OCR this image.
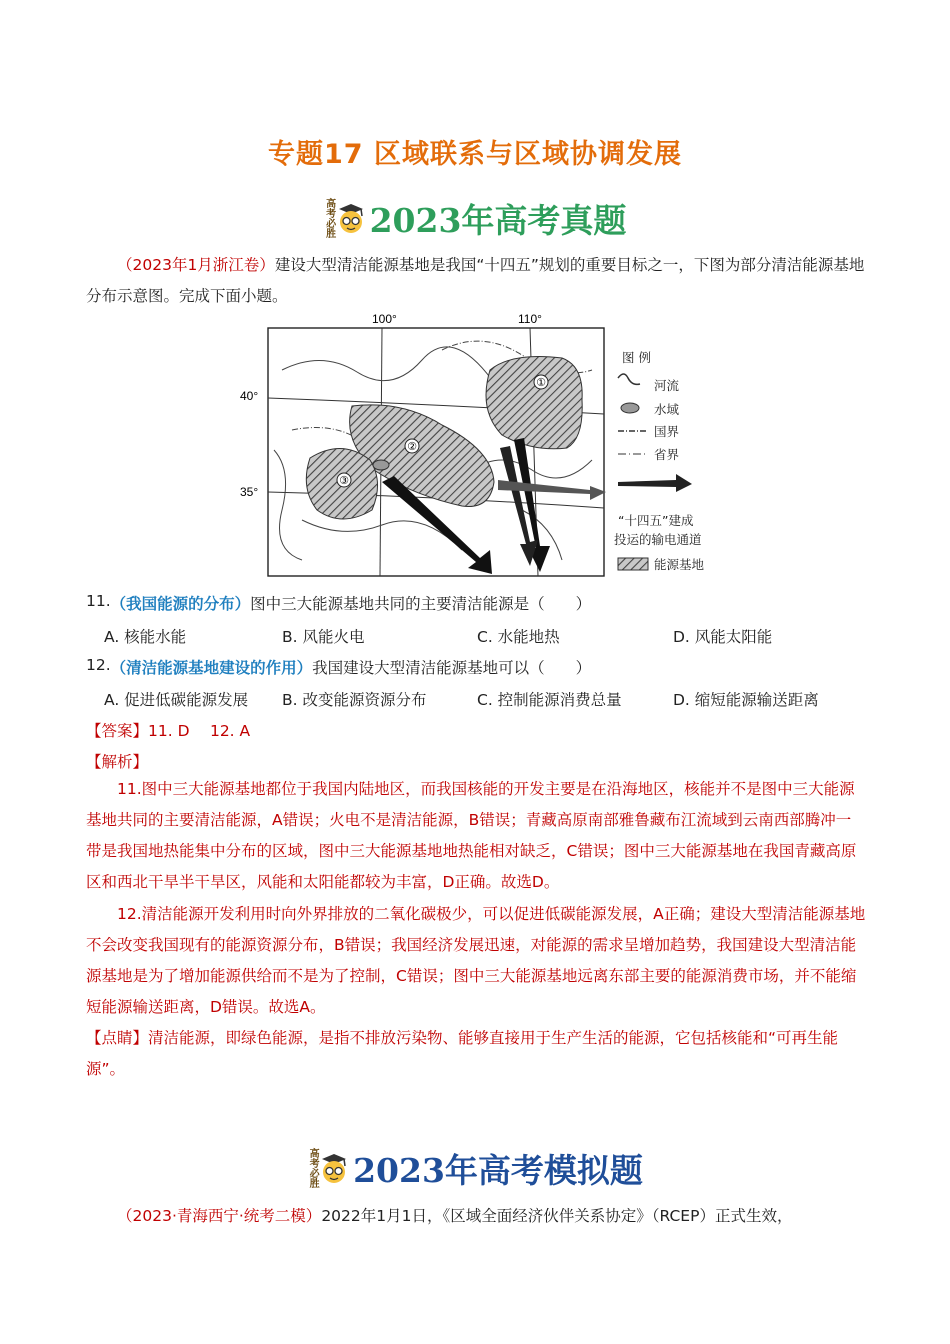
专题17 区域联系与区域协调发展
高考必胜 2023年高考真题
（2023年1月浙江卷）建设大型清洁能源基地是我国“十四五”规划的重要目标之一，下图为部分清洁能源基地分布示意图。完成下面小题。
100°	110°
40°
35°
①
②
③
图 例
河流
水域
国界
省界
“十四五”建成
投运的输电通道
能源基地
11. （我国能源的分布） 图中三大能源基地共同的主要清洁能源是（　　）
A. 核能水能	B. 风能火电	C. 水能地热	D. 风能太阳能
12. （清洁能源基地建设的作用） 我国建设大型清洁能源基地可以（　　）
A. 促进低碳能源发展	B. 改变能源资源分布	C. 控制能源消费总量	D. 缩短能源输送距离
【答案】 11. D　 12. A
【解析】
11.图中三大能源基地都位于我国内陆地区，而我国核能的开发主要是在沿海地区，核能并不是图中三大能源基地共同的主要清洁能源，A错误；火电不是清洁能源，B错误；青藏高原南部雅鲁藏布江流域到云南西部腾冲一带是我国地热能集中分布的区域，图中三大能源基地地热能相对缺乏，C错误；图中三大能源基地在我国青藏高原区和西北干旱半干旱区，风能和太阳能都较为丰富，D正确。故选D。
12.清洁能源开发利用时向外界排放的二氧化碳极少，可以促进低碳能源发展，A正确；建设大型清洁能源基地不会改变我国现有的能源资源分布，B错误；我国经济发展迅速，对能源的需求呈增加趋势，我国建设大型清洁能源基地是为了增加能源供给而不是为了控制，C错误；图中三大能源基地远离东部主要的能源消费市场，并不能缩短能源输送距离，D错误。故选A。
【点睛】清洁能源，即绿色能源，是指不排放污染物、能够直接用于生产生活的能源，它包括核能和“可再生能源”。
高考必胜 2023年高考模拟题
（2023·青海西宁·统考二模）2022年1月1日，《区域全面经济伙伴关系协定》（RCEP）正式生效，
